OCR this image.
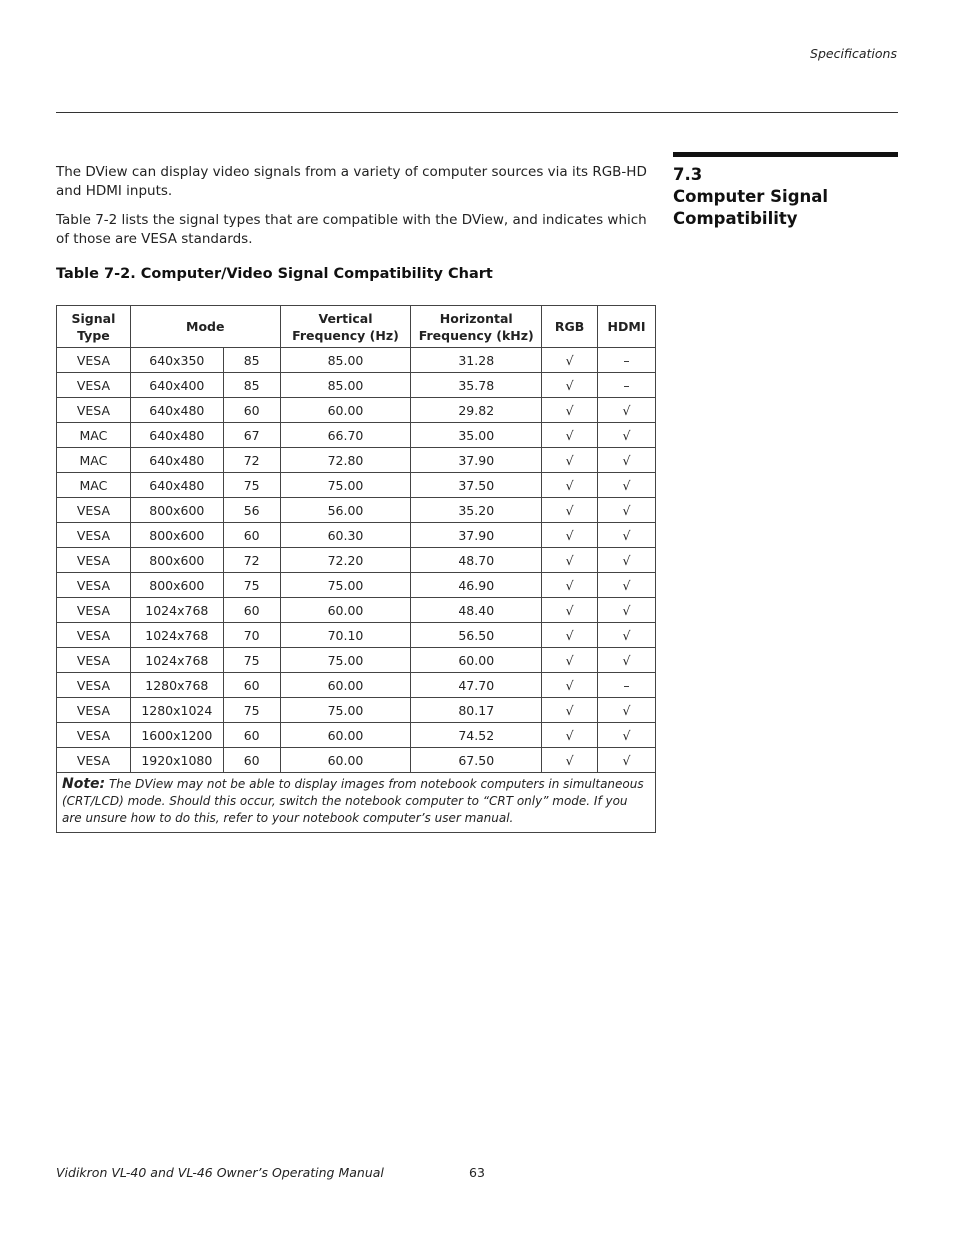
Specifications
7.3
Computer Signal
Compatibility

The DView can display video signals from a variety of computer sources via its RGB-HD and HDMI inputs.

Table 7-2 lists the signal types that are compatible with the DView, and indicates which of those are VESA standards.

Table 7-2. Computer/Video Signal Compatibility Chart
Signal Type	Mode		Vertical Frequency (Hz)	Horizontal Frequency (kHz)	RGB	HDMI
VESA	640x350	85	85.00	31.28	√	–
VESA	640x400	85	85.00	35.78	√	–
VESA	640x480	60	60.00	29.82	√	√
MAC	640x480	67	66.70	35.00	√	√
MAC	640x480	72	72.80	37.90	√	√
MAC	640x480	75	75.00	37.50	√	√
VESA	800x600	56	56.00	35.20	√	√
VESA	800x600	60	60.30	37.90	√	√
VESA	800x600	72	72.20	48.70	√	√
VESA	800x600	75	75.00	46.90	√	√
VESA	1024x768	60	60.00	48.40	√	√
VESA	1024x768	70	70.10	56.50	√	√
VESA	1024x768	75	75.00	60.00	√	√
VESA	1280x768	60	60.00	47.70	√	–
VESA	1280x1024	75	75.00	80.17	√	√
VESA	1600x1200	60	60.00	74.52	√	√
VESA	1920x1080	60	60.00	67.50	√	√
Note: The DView may not be able to display images from notebook computers in simultaneous (CRT/LCD) mode. Should this occur, switch the notebook computer to “CRT only” mode. If you are unsure how to do this, refer to your notebook computer’s user manual.						
Vidikron VL-40 and VL-46 Owner’s Operating Manual	63
